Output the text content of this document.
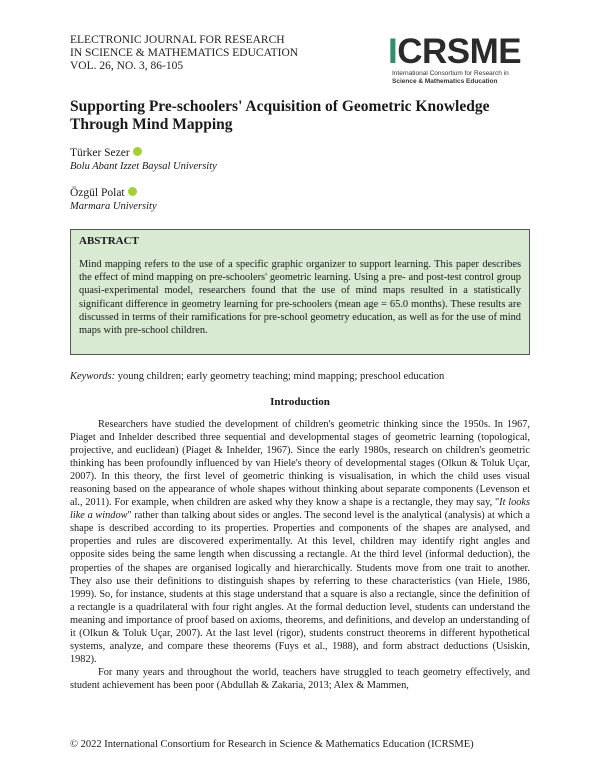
ELECTRONIC JOURNAL FOR RESEARCH
IN SCIENCE & MATHEMATICS EDUCATION
VOL. 26, NO. 3, 86-105	ICRSME
International Consortium for Research in
Science & Mathematics Education
Supporting Pre-schoolers' Acquisition of Geometric Knowledge Through Mind Mapping
Türker Sezer
Bolu Abant Izzet Baysal University
Özgül Polat
Marmara University
ABSTRACT
Mind mapping refers to the use of a specific graphic organizer to support learning. This paper describes the effect of mind mapping on pre-schoolers' geometric learning. Using a pre- and post-test control group quasi-experimental model, researchers found that the use of mind maps resulted in a statistically significant difference in geometry learning for pre-schoolers (mean age = 65.0 months). These results are discussed in terms of their ramifications for pre-school geometry education, as well as for the use of mind maps with pre-school children.
Keywords: young children; early geometry teaching; mind mapping; preschool education
Introduction

Researchers have studied the development of children's geometric thinking since the 1950s. In 1967, Piaget and Inhelder described three sequential and developmental stages of geometric learning (topological, projective, and euclidean) (Piaget & Inhelder, 1967). Since the early 1980s, research on children's geometric thinking has been profoundly influenced by van Hiele's theory of developmental stages (Olkun & Toluk Uçar, 2007). In this theory, the first level of geometric thinking is visualisation, in which the child uses visual reasoning based on the appearance of whole shapes without thinking about separate components (Levenson et al., 2011). For example, when children are asked why they know a shape is a rectangle, they may say, "It looks like a window" rather than talking about sides or angles. The second level is the analytical (analysis) at which a shape is described according to its properties. Properties and components of the shapes are analysed, and properties and rules are discovered experimentally. At this level, children may identify right angles and opposite sides being the same length when discussing a rectangle. At the third level (informal deduction), the properties of the shapes are organised logically and hierarchically. Students move from one trait to another. They also use their definitions to distinguish shapes by referring to these characteristics (van Hiele, 1986, 1999). So, for instance, students at this stage understand that a square is also a rectangle, since the definition of a rectangle is a quadrilateral with four right angles. At the formal deduction level, students can understand the meaning and importance of proof based on axioms, theorems, and definitions, and develop an understanding of it (Olkun & Toluk Uçar, 2007). At the last level (rigor), students construct theorems in different hypothetical systems, analyze, and compare these theorems (Fuys et al., 1988), and form abstract deductions (Usiskin, 1982).

For many years and throughout the world, teachers have struggled to teach geometry effectively, and student achievement has been poor (Abdullah & Zakaria, 2013; Alex & Mammen,

© 2022 International Consortium for Research in Science & Mathematics Education (ICRSME)
